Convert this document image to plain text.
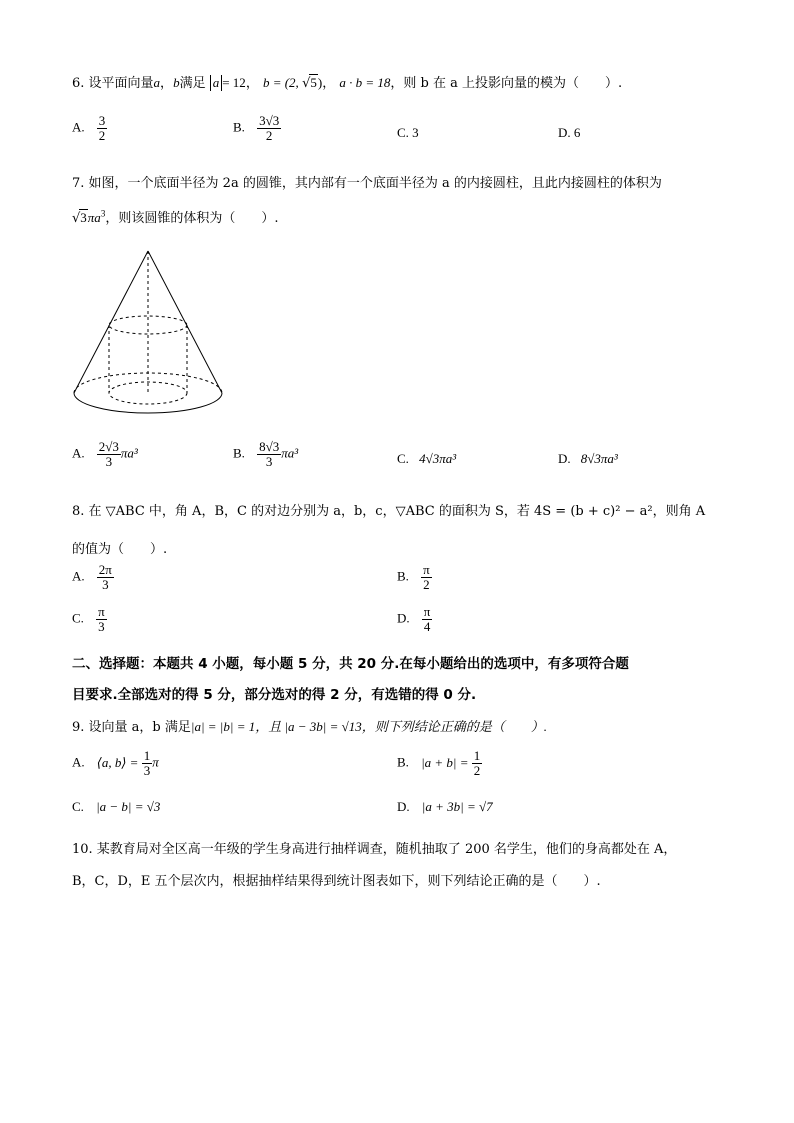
6. 设平面向量a，b满足 a = 12， b = (2, √5)， a · b = 18，则 b 在 a 上投影向量的模为（　　）.
A. $\frac{3}{2}$	B. $\frac{3√3}{2}$	C. 3	D. 6
7. 如图，一个底面半径为 2a 的圆锥，其内部有一个底面半径为 a 的内接圆柱，且此内接圆柱的体积为
$√3\pi a^3$，则该圆锥的体积为（　　）.
A. $\frac{2√3}{3} \pi a^3$	B. $\frac{8√3}{3} \pi a^3$	C. 4√3πa³	D. 8√3πa³
8. 在 ▽ABC 中，角 A，B，C 的对边分别为 a，b，c，▽ABC 的面积为 S，若 4S = (b + c)² − a²，则角 A
的值为（　　）.
A. $\frac{2\pi}{3}$	B. $\frac{\pi}{2}$
C. $\frac{\pi}{3}$	D. $\frac{\pi}{4}$
二、选择题：本题共 4 小题，每小题 5 分，共 20 分.在每小题给出的选项中，有多项符合题
目要求.全部选对的得 5 分，部分选对的得 2 分，有选错的得 0 分.
9. 设向量 a，b 满足|a| = |b| = 1，且 |a − 3b| = √13，则下列结论正确的是（　　）.
A. ⟨a, b⟩ = $\frac{1}{3}$ π	B. $|a + b| = \frac{1}{2}$
C. |a − b| = √3	D. |a + 3b| = √7
10. 某教育局对全区高一年级的学生身高进行抽样调查，随机抽取了 200 名学生，他们的身高都处在 A，
B，C，D，E 五个层次内，根据抽样结果得到统计图表如下，则下列结论正确的是（　　）.
